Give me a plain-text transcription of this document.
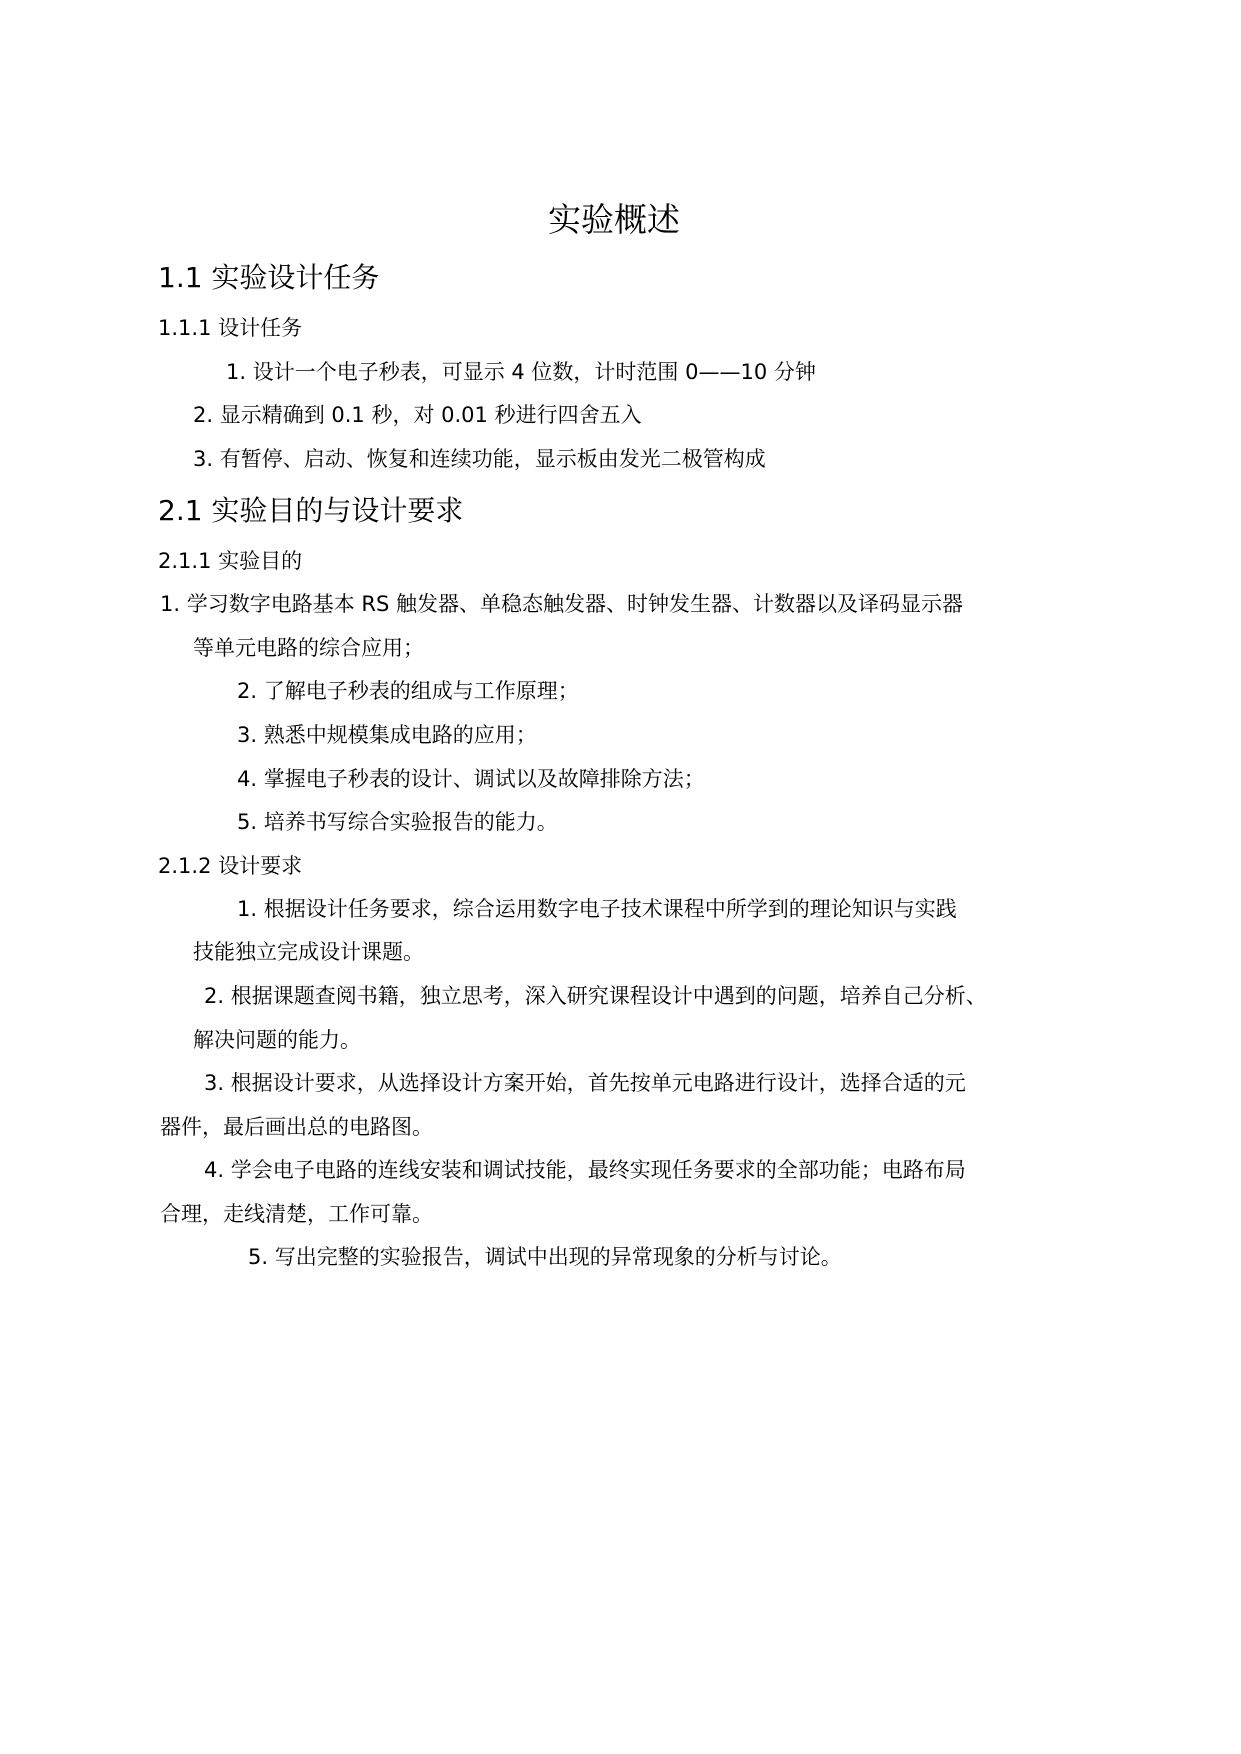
实验概述
1.1 实验设计任务
1.1.1 设计任务
1. 设计一个电子秒表，可显示 4 位数，计时范围 0——10 分钟
2. 显示精确到 0.1 秒，对 0.01 秒进行四舍五入
3. 有暂停、启动、恢复和连续功能，显示板由发光二极管构成
2.1 实验目的与设计要求
2.1.1 实验目的
1. 学习数字电路基本 RS 触发器、单稳态触发器、时钟发生器、计数器以及译码显示器
等单元电路的综合应用；
2. 了解电子秒表的组成与工作原理；
3. 熟悉中规模集成电路的应用；
4. 掌握电子秒表的设计、调试以及故障排除方法；
5. 培养书写综合实验报告的能力。
2.1.2 设计要求
1. 根据设计任务要求，综合运用数字电子技术课程中所学到的理论知识与实践
技能独立完成设计课题。
2. 根据课题查阅书籍，独立思考，深入研究课程设计中遇到的问题，培养自己分析、
解决问题的能力。
3. 根据设计要求，从选择设计方案开始，首先按单元电路进行设计，选择合适的元
器件，最后画出总的电路图。
4. 学会电子电路的连线安装和调试技能，最终实现任务要求的全部功能；电路布局
合理，走线清楚，工作可靠。
5. 写出完整的实验报告，调试中出现的异常现象的分析与讨论。
